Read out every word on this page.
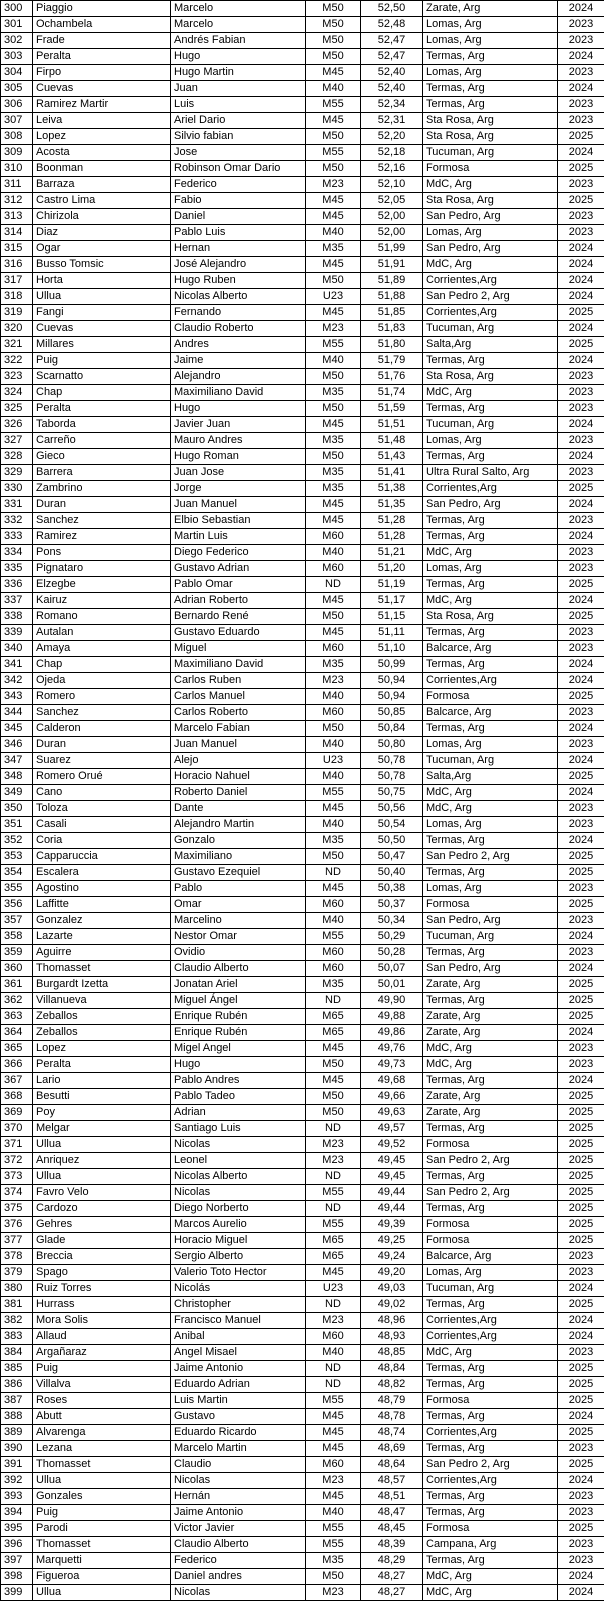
300	Piaggio	Marcelo	M50	52,50	Zarate, Arg	2024
301	Ochambela	Marcelo	M50	52,48	Lomas, Arg	2023
302	Frade	Andrés Fabian	M50	52,47	Lomas, Arg	2023
303	Peralta	Hugo	M50	52,47	Termas, Arg	2024
304	Firpo	Hugo Martin	M45	52,40	Lomas, Arg	2023
305	Cuevas	Juan	M40	52,40	Termas, Arg	2024
306	Ramirez Martir	Luis	M55	52,34	Termas, Arg	2023
307	Leiva	Ariel Dario	M45	52,31	Sta Rosa, Arg	2023
308	Lopez	Silvio fabian	M50	52,20	Sta Rosa, Arg	2025
309	Acosta	Jose	M55	52,18	Tucuman, Arg	2024
310	Boonman	Robinson Omar Dario	M50	52,16	Formosa	2025
311	Barraza	Federico	M23	52,10	MdC, Arg	2023
312	Castro Lima	Fabio	M45	52,05	Sta Rosa, Arg	2025
313	Chirizola	Daniel	M45	52,00	San Pedro, Arg	2023
314	Diaz	Pablo Luis	M40	52,00	Lomas, Arg	2023
315	Ogar	Hernan	M35	51,99	San Pedro, Arg	2024
316	Busso Tomsic	José Alejandro	M45	51,91	MdC, Arg	2024
317	Horta	Hugo Ruben	M50	51,89	Corrientes,Arg	2024
318	Ullua	Nicolas Alberto	U23	51,88	San Pedro 2, Arg	2024
319	Fangi	Fernando	M45	51,85	Corrientes,Arg	2025
320	Cuevas	Claudio Roberto	M23	51,83	Tucuman, Arg	2024
321	Millares	Andres	M55	51,80	Salta,Arg	2025
322	Puig	Jaime	M40	51,79	Termas, Arg	2024
323	Scarnatto	Alejandro	M50	51,76	Sta Rosa, Arg	2023
324	Chap	Maximiliano David	M35	51,74	MdC, Arg	2023
325	Peralta	Hugo	M50	51,59	Termas, Arg	2023
326	Taborda	Javier Juan	M45	51,51	Tucuman, Arg	2024
327	Carreño	Mauro Andres	M35	51,48	Lomas, Arg	2023
328	Gieco	Hugo Roman	M50	51,43	Termas, Arg	2024
329	Barrera	Juan Jose	M35	51,41	Ultra Rural Salto, Arg	2023
330	Zambrino	Jorge	M35	51,38	Corrientes,Arg	2025
331	Duran	Juan Manuel	M45	51,35	San Pedro, Arg	2024
332	Sanchez	Elbio Sebastian	M45	51,28	Termas, Arg	2023
333	Ramirez	Martin Luis	M60	51,28	Termas, Arg	2024
334	Pons	Diego Federico	M40	51,21	MdC, Arg	2023
335	Pignataro	Gustavo Adrian	M60	51,20	Lomas, Arg	2023
336	Elzegbe	Pablo Omar	ND	51,19	Termas, Arg	2025
337	Kairuz	Adrian Roberto	M45	51,17	MdC, Arg	2024
338	Romano	Bernardo René	M50	51,15	Sta Rosa, Arg	2025
339	Autalan	Gustavo Eduardo	M45	51,11	Termas, Arg	2023
340	Amaya	Miguel	M60	51,10	Balcarce, Arg	2023
341	Chap	Maximiliano David	M35	50,99	Termas, Arg	2024
342	Ojeda	Carlos Ruben	M23	50,94	Corrientes,Arg	2024
343	Romero	Carlos Manuel	M40	50,94	Formosa	2025
344	Sanchez	Carlos Roberto	M60	50,85	Balcarce, Arg	2023
345	Calderon	Marcelo Fabian	M50	50,84	Termas, Arg	2024
346	Duran	Juan Manuel	M40	50,80	Lomas, Arg	2023
347	Suarez	Alejo	U23	50,78	Tucuman, Arg	2024
348	Romero Orué	Horacio Nahuel	M40	50,78	Salta,Arg	2025
349	Cano	Roberto Daniel	M55	50,75	MdC, Arg	2024
350	Toloza	Dante	M45	50,56	MdC, Arg	2023
351	Casali	Alejandro Martin	M40	50,54	Lomas, Arg	2023
352	Coria	Gonzalo	M35	50,50	Termas, Arg	2024
353	Capparuccia	Maximiliano	M50	50,47	San Pedro 2, Arg	2025
354	Escalera	Gustavo Ezequiel	ND	50,40	Termas, Arg	2025
355	Agostino	Pablo	M45	50,38	Lomas, Arg	2023
356	Laffitte	Omar	M60	50,37	Formosa	2025
357	Gonzalez	Marcelino	M40	50,34	San Pedro, Arg	2023
358	Lazarte	Nestor Omar	M55	50,29	Tucuman, Arg	2024
359	Aguirre	Ovidio	M60	50,28	Termas, Arg	2023
360	Thomasset	Claudio Alberto	M60	50,07	San Pedro, Arg	2024
361	Burgardt Izetta	Jonatan Ariel	M35	50,01	Zarate, Arg	2025
362	Villanueva	Miguel Ángel	ND	49,90	Termas, Arg	2025
363	Zeballos	Enrique Rubén	M65	49,88	Zarate, Arg	2025
364	Zeballos	Enrique Rubén	M65	49,86	Zarate, Arg	2024
365	Lopez	Migel Angel	M45	49,76	MdC, Arg	2023
366	Peralta	Hugo	M50	49,73	MdC, Arg	2023
367	Lario	Pablo Andres	M45	49,68	Termas, Arg	2024
368	Besutti	Pablo Tadeo	M50	49,66	Zarate, Arg	2025
369	Poy	Adrian	M50	49,63	Zarate, Arg	2025
370	Melgar	Santiago Luis	ND	49,57	Termas, Arg	2025
371	Ullua	Nicolas	M23	49,52	Formosa	2025
372	Anriquez	Leonel	M23	49,45	San Pedro 2, Arg	2025
373	Ullua	Nicolas Alberto	ND	49,45	Termas, Arg	2025
374	Favro Velo	Nicolas	M55	49,44	San Pedro 2, Arg	2025
375	Cardozo	Diego Norberto	ND	49,44	Termas, Arg	2025
376	Gehres	Marcos Aurelio	M55	49,39	Formosa	2025
377	Glade	Horacio Miguel	M65	49,25	Formosa	2025
378	Breccia	Sergio Alberto	M65	49,24	Balcarce, Arg	2023
379	Spago	Valerio Toto Hector	M45	49,20	Lomas, Arg	2023
380	Ruiz Torres	Nicolás	U23	49,03	Tucuman, Arg	2024
381	Hurrass	Christopher	ND	49,02	Termas, Arg	2025
382	Mora Solis	Francisco Manuel	M23	48,96	Corrientes,Arg	2024
383	Allaud	Anibal	M60	48,93	Corrientes,Arg	2024
384	Argañaraz	Angel Misael	M40	48,85	MdC, Arg	2023
385	Puig	Jaime Antonio	ND	48,84	Termas, Arg	2025
386	Villalva	Eduardo Adrian	ND	48,82	Termas, Arg	2025
387	Roses	Luis Martin	M55	48,79	Formosa	2025
388	Abutt	Gustavo	M45	48,78	Termas, Arg	2024
389	Alvarenga	Eduardo Ricardo	M45	48,74	Corrientes,Arg	2025
390	Lezana	Marcelo Martin	M45	48,69	Termas, Arg	2023
391	Thomasset	Claudio	M60	48,64	San Pedro 2, Arg	2025
392	Ullua	Nicolas	M23	48,57	Corrientes,Arg	2024
393	Gonzales	Hernán	M45	48,51	Termas, Arg	2023
394	Puig	Jaime Antonio	M40	48,47	Termas, Arg	2023
395	Parodi	Victor Javier	M55	48,45	Formosa	2025
396	Thomasset	Claudio Alberto	M55	48,39	Campana, Arg	2023
397	Marquetti	Federico	M35	48,29	Termas, Arg	2023
398	Figueroa	Daniel andres	M50	48,27	MdC, Arg	2024
399	Ullua	Nicolas	M23	48,27	MdC, Arg	2024
